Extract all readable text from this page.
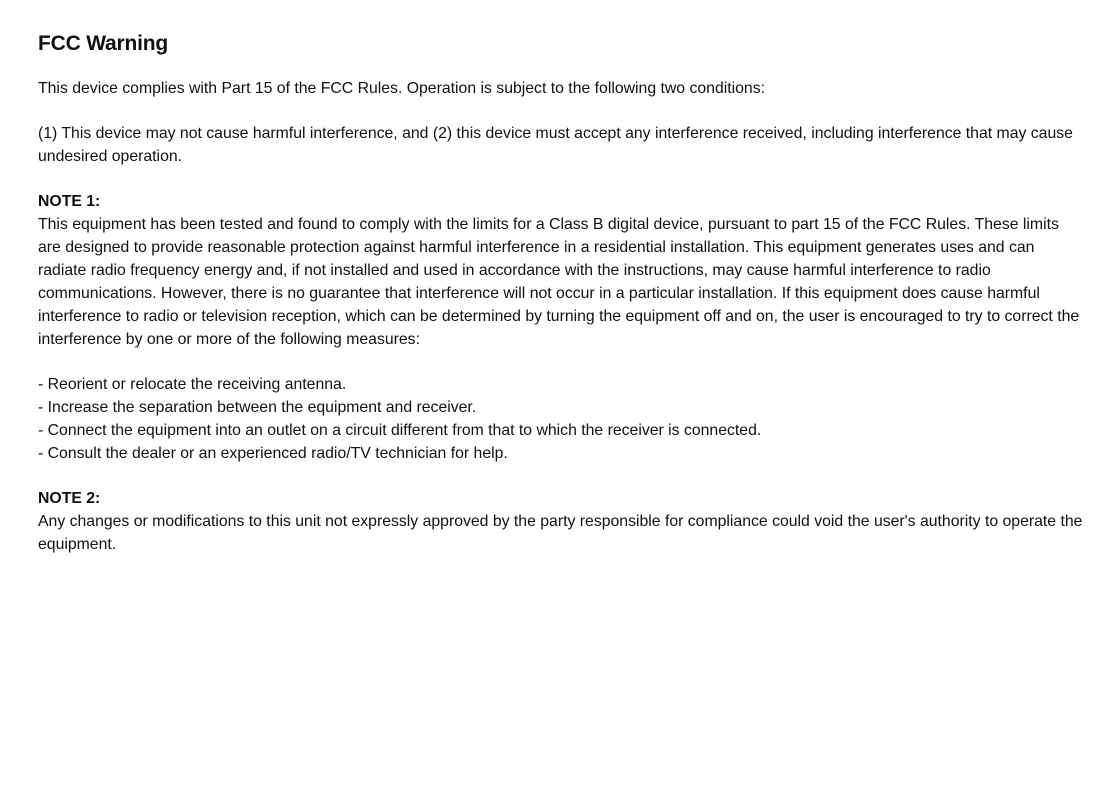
FCC Warning

This device complies with Part 15 of the FCC Rules. Operation is subject to the following two conditions:

(1) This device may not cause harmful interference, and (2) this device must accept any interference received, including interference that may cause undesired operation.

NOTE 1:

This equipment has been tested and found to comply with the limits for a Class B digital device, pursuant to part 15 of the FCC Rules. These limits are designed to provide reasonable protection against harmful interference in a residential installation. This equipment generates uses and can radiate radio frequency energy and, if not installed and used in accordance with the instructions, may cause harmful interference to radio communications. However, there is no guarantee that interference will not occur in a particular installation. If this equipment does cause harmful interference to radio or television reception, which can be determined by turning the equipment off and on, the user is encouraged to try to correct the interference by one or more of the following measures:

- Reorient or relocate the receiving antenna.
- Increase the separation between the equipment and receiver.
- Connect the equipment into an outlet on a circuit different from that to which the receiver is connected.
- Consult the dealer or an experienced radio/TV technician for help.

NOTE 2:

Any changes or modifications to this unit not expressly approved by the party responsible for compliance could void the user's authority to operate the equipment.
